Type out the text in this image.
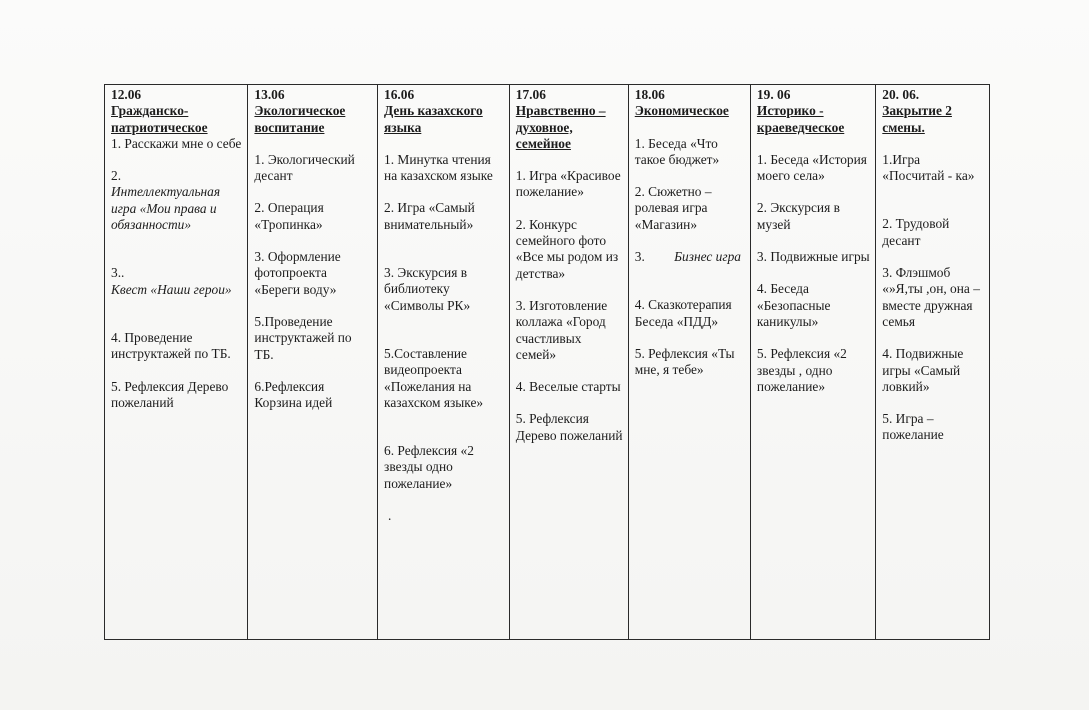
12.06
Гражданско-патриотическое
1. Расскажи мне о себе
2.
Интеллектуальная игра «Мои права и обязанности»
3..
Квест «Наши герои»
4. Проведение инструктажей по ТБ.
5. Рефлексия Дерево пожеланий

13.06
Экологическое воспитание
1. Экологический десант
2. Операция «Тропинка»
3. Оформление фотопроекта «Береги воду»
5.Проведение инструктажей по ТБ.
6.Рефлексия Корзина идей

16.06
День казахского языка
1. Минутка чтения на казахском языке
2. Игра «Самый внимательный»
3. Экскурсия в библиотеку «Символы РК»
5.Составление видеопроекта «Пожелания на казахском языке»
6. Рефлексия «2 звезды одно пожелание»
.

17.06
Нравственно – духовное, семейное
1. Игра «Красивое пожелание»
2. Конкурс семейного фото «Все мы родом из детства»
3. Изготовление коллажа «Город счастливых семей»
4. Веселые старты
5. Рефлексия Дерево пожеланий

18.06
Экономическое
1. Беседа «Что такое бюджет»
2. Сюжетно – ролевая игра «Магазин»
3. Бизнес игра
4. Сказкотерапия Беседа «ПДД»
5. Рефлексия «Ты мне, я тебе»

19. 06
Историко - краеведческое
1. Беседа «История моего села»
2. Экскурсия в музей
3. Подвижные игры
4. Беседа «Безопасные каникулы»
5. Рефлексия «2 звезды , одно пожелание»

20. 06.
Закрытие 2 смены.
1.Игра «Посчитай - ка»
2. Трудовой десант
3. Флэшмоб «»Я,ты ,он, она – вместе дружная семья
4. Подвижные игры «Самый ловкий»
5. Игра – пожелание
